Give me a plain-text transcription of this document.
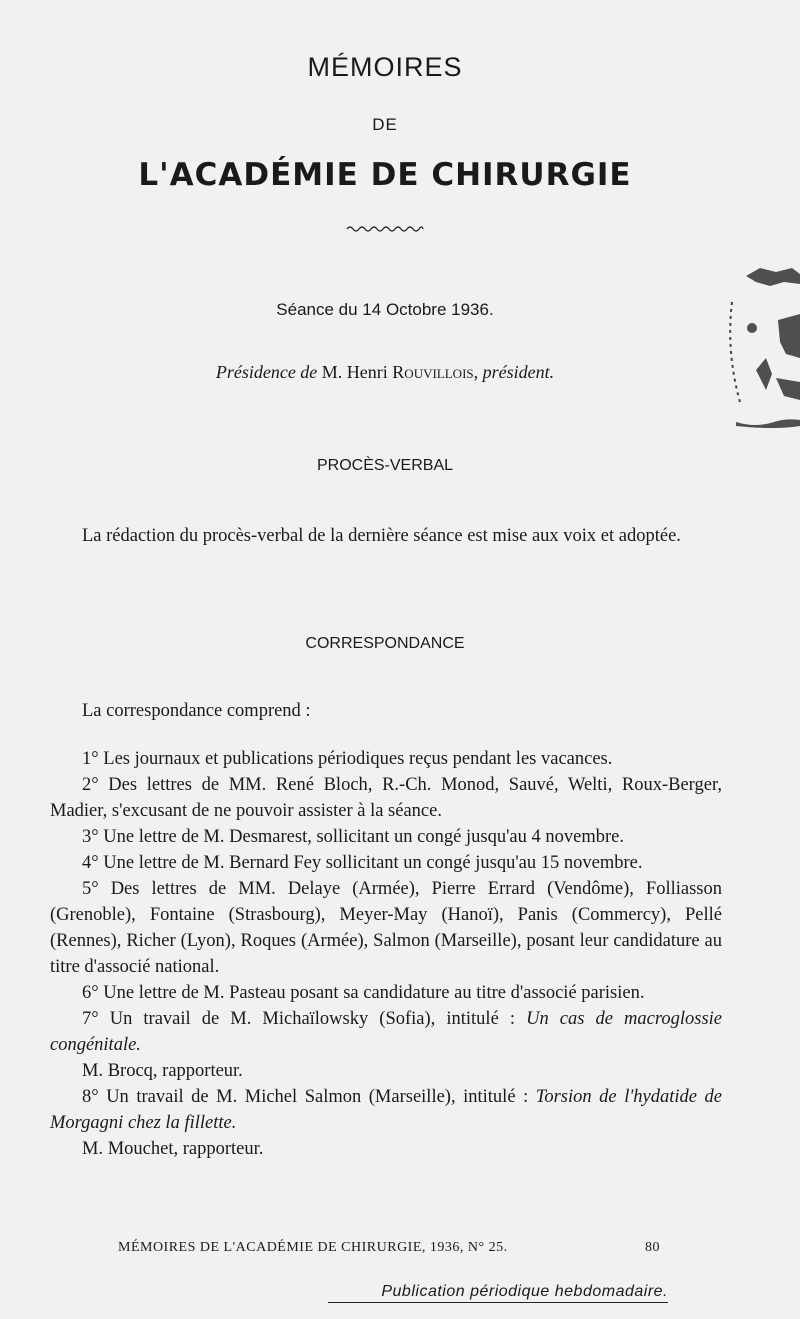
MÉMOIRES
DE
L'ACADÉMIE DE CHIRURGIE
Séance du 14 Octobre 1936.
Présidence de M. Henri Rouvillois, président.
PROCÈS-VERBAL
La rédaction du procès-verbal de la dernière séance est mise aux voix et adoptée.
CORRESPONDANCE
La correspondance comprend :

1° Les journaux et publications périodiques reçus pendant les vacances.

2° Des lettres de MM. René Bloch, R.-Ch. Monod, Sauvé, Welti, Roux-Berger, Madier, s'excusant de ne pouvoir assister à la séance.

3° Une lettre de M. Desmarest, sollicitant un congé jusqu'au 4 novembre.

4° Une lettre de M. Bernard Fey sollicitant un congé jusqu'au 15 novembre.

5° Des lettres de MM. Delaye (Armée), Pierre Errard (Vendôme), Folliasson (Grenoble), Fontaine (Strasbourg), Meyer-May (Hanoï), Panis (Commercy), Pellé (Rennes), Richer (Lyon), Roques (Armée), Salmon (Marseille), posant leur candidature au titre d'associé national.

6° Une lettre de M. Pasteau posant sa candidature au titre d'associé parisien.

7° Un travail de M. Michaïlowsky (Sofia), intitulé : Un cas de macroglossie congénitale.

M. Brocq, rapporteur.

8° Un travail de M. Michel Salmon (Marseille), intitulé : Torsion de l'hydatide de Morgagni chez la fillette.

M. Mouchet, rapporteur.

MÉMOIRES DE L'ACADÉMIE DE CHIRURGIE, 1936, N° 25.	80
Publication périodique hebdomadaire.
